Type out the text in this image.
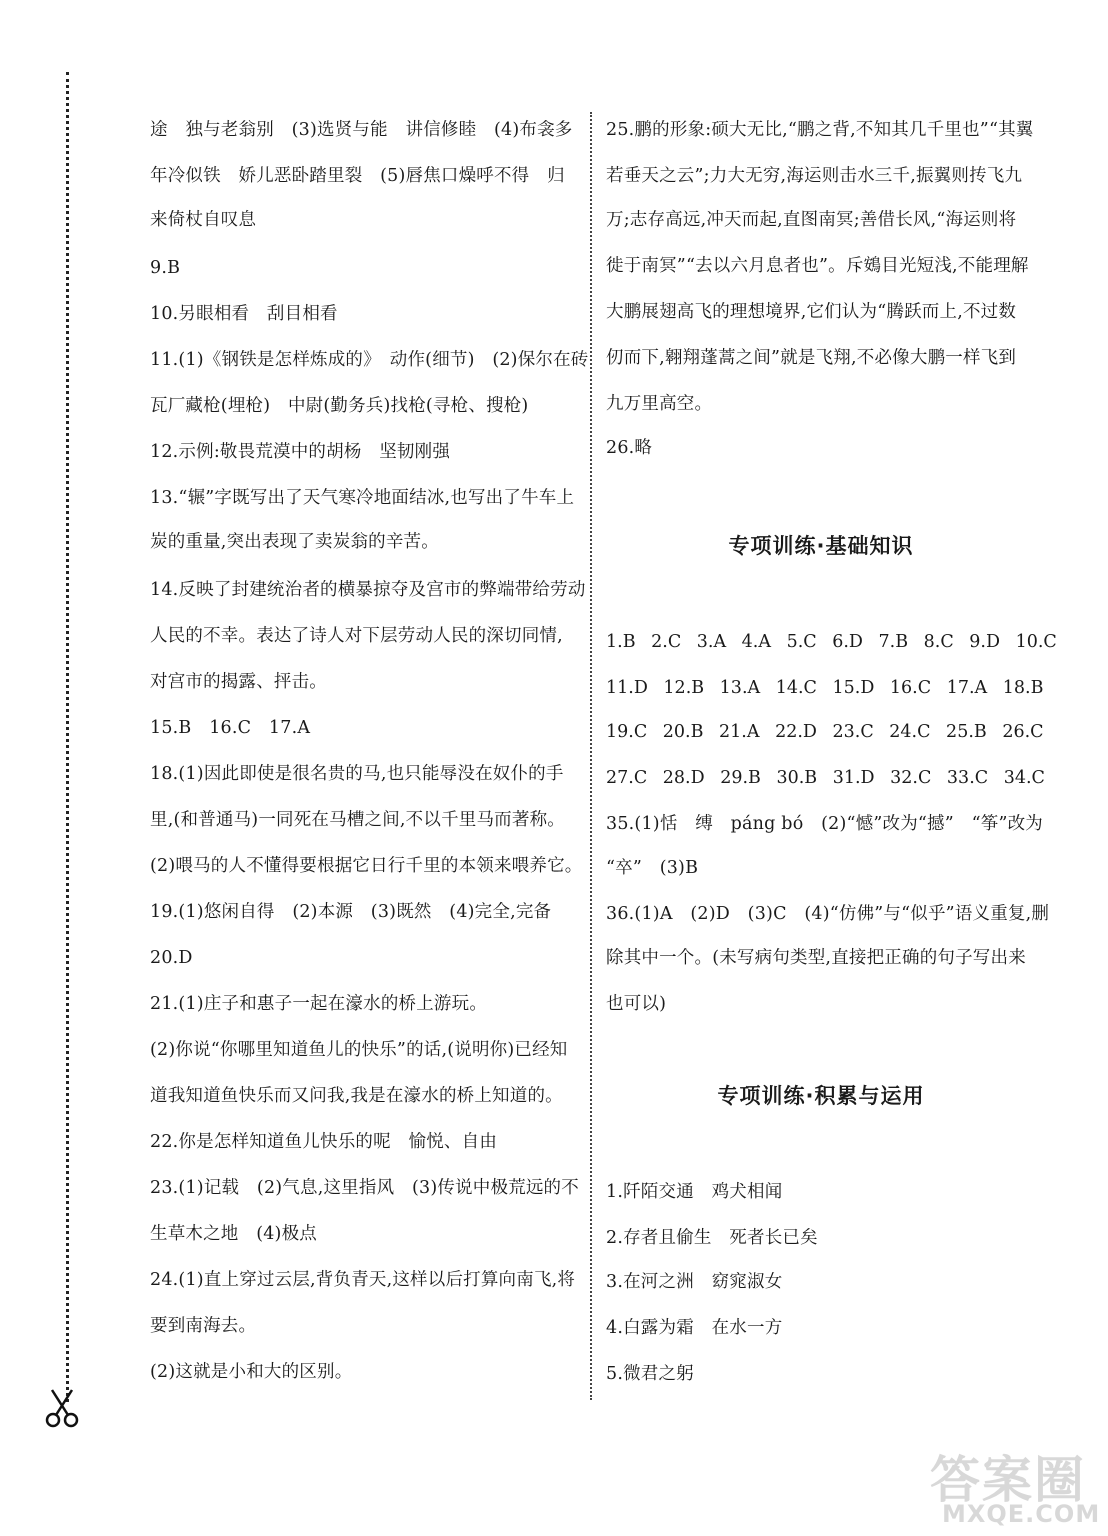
途　独与老翁别　(3)选贤与能　讲信修睦　(4)布衾多
年冷似铁　娇儿恶卧踏里裂　(5)唇焦口燥呼不得　归
来倚杖自叹息
9.B
10.另眼相看　刮目相看
11.(1)《钢铁是怎样炼成的》　动作(细节)　(2)保尔在砖
瓦厂藏枪(埋枪)　中尉(勤务兵)找枪(寻枪、搜枪)
12.示例:敬畏荒漠中的胡杨　坚韧刚强
13.“辗”字既写出了天气寒冷地面结冰,也写出了牛车上
炭的重量,突出表现了卖炭翁的辛苦。
14.反映了封建统治者的横暴掠夺及宫市的弊端带给劳动
人民的不幸。表达了诗人对下层劳动人民的深切同情,
对宫市的揭露、抨击。
15.B　16.C　17.A
18.(1)因此即使是很名贵的马,也只能辱没在奴仆的手
里,(和普通马)一同死在马槽之间,不以千里马而著称。
(2)喂马的人不懂得要根据它日行千里的本领来喂养它。
19.(1)悠闲自得　(2)本源　(3)既然　(4)完全,完备
20.D
21.(1)庄子和惠子一起在濠水的桥上游玩。
(2)你说“你哪里知道鱼儿的快乐”的话,(说明你)已经知
道我知道鱼快乐而又问我,我是在濠水的桥上知道的。
22.你是怎样知道鱼儿快乐的呢　愉悦、自由
23.(1)记载　(2)气息,这里指风　(3)传说中极荒远的不
生草木之地　(4)极点
24.(1)直上穿过云层,背负青天,这样以后打算向南飞,将
要到南海去。
(2)这就是小和大的区别。
25.鹏的形象:硕大无比,“鹏之背,不知其几千里也”“其翼
若垂天之云”;力大无穷,海运则击水三千,振翼则抟飞九
万;志存高远,冲天而起,直图南冥;善借长风,“海运则将
徙于南冥”“去以六月息者也”。斥鴳目光短浅,不能理解
大鹏展翅高飞的理想境界,它们认为“腾跃而上,不过数
仞而下,翱翔蓬蒿之间”就是飞翔,不必像大鹏一样飞到
九万里高空。
26.略
专项训练·基础知识
1.B 2.C 3.A 4.A 5.C 6.D 7.B 8.C 9.D 10.C
11.D 12.B 13.A 14.C 15.D 16.C 17.A 18.B
19.C 20.B 21.A 22.D 23.C 24.C 25.B 26.C
27.C 28.D 29.B 30.B 31.D 32.C 33.C 34.C
35.(1)恬　缚　páng bó　(2)“憾”改为“撼”　“筝”改为
“卒”　(3)B
36.(1)A　(2)D　(3)C　(4)“仿佛”与“似乎”语义重复,删
除其中一个。(未写病句类型,直接把正确的句子写出来
也可以)
专项训练·积累与运用
1.阡陌交通　鸡犬相闻
2.存者且偷生　死者长已矣
3.在河之洲　窈窕淑女
4.白露为霜　在水一方
5.微君之躬
答案圈
MXQE.COM
